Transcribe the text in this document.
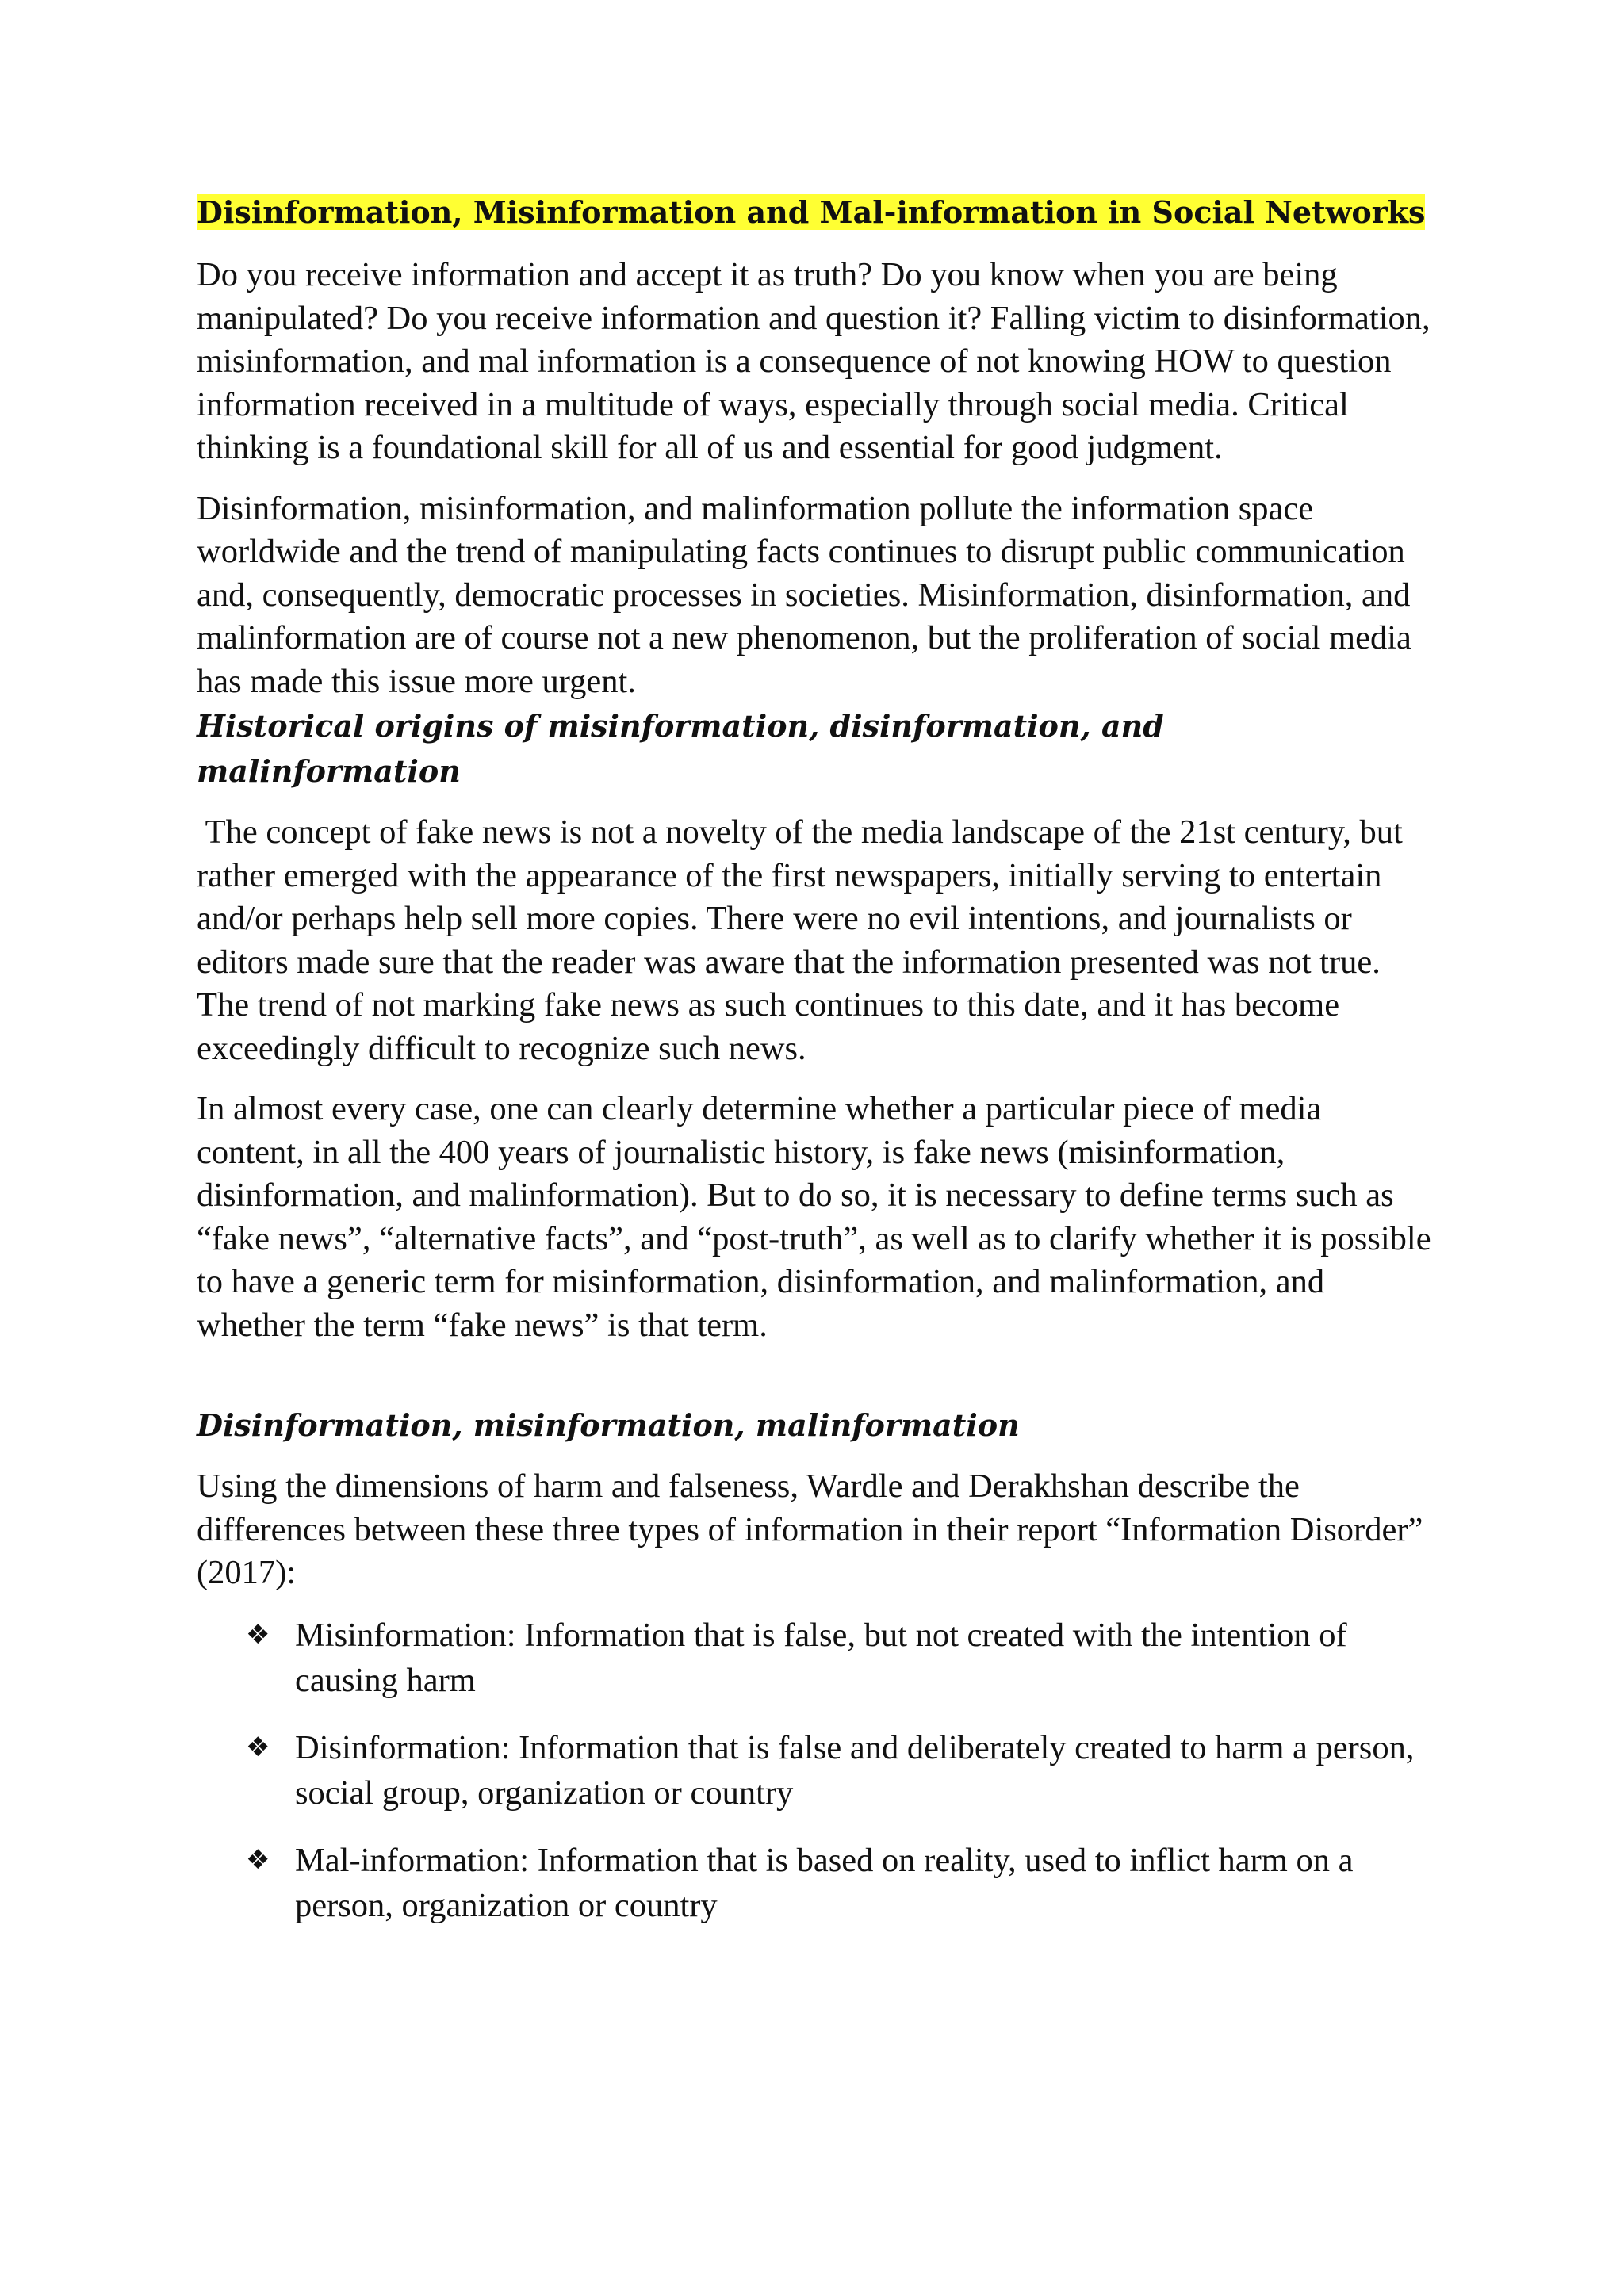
Disinformation, Misinformation and Mal-information in Social Networks

Do you receive information and accept it as truth? Do you know when you are being manipulated? Do you receive information and question it? Falling victim to disinformation, misinformation, and mal information is a consequence of not knowing HOW to question information received in a multitude of ways, especially through social media. Critical thinking is a foundational skill for all of us and essential for good judgment.

Disinformation, misinformation, and malinformation pollute the information space worldwide and the trend of manipulating facts continues to disrupt public communication and, consequently, democratic processes in societies. Misinformation, disinformation, and malinformation are of course not a new phenomenon, but the proliferation of social media has made this issue more urgent.

Historical origins of misinformation, disinformation, and malinformation

The concept of fake news is not a novelty of the media landscape of the 21st century, but rather emerged with the appearance of the first newspapers, initially serving to entertain and/or perhaps help sell more copies. There were no evil intentions, and journalists or editors made sure that the reader was aware that the information presented was not true. The trend of not marking fake news as such continues to this date, and it has become exceedingly difficult to recognize such news.

In almost every case, one can clearly determine whether a particular piece of media content, in all the 400 years of journalistic history, is fake news (misinformation, disinformation, and malinformation). But to do so, it is necessary to define terms such as “fake news”, “alternative facts”, and “post-truth”, as well as to clarify whether it is possible to have a generic term for misinformation, disinformation, and malinformation, and whether the term “fake news” is that term.

Disinformation, misinformation, malinformation

Using the dimensions of harm and falseness, Wardle and Derakhshan describe the differences between these three types of information in their report “Information Disorder” (2017):

❖ Misinformation: Information that is false, but not created with the intention of causing harm
❖ Disinformation: Information that is false and deliberately created to harm a person, social group, organization or country
❖ Mal-information: Information that is based on reality, used to inflict harm on a person, organization or country
